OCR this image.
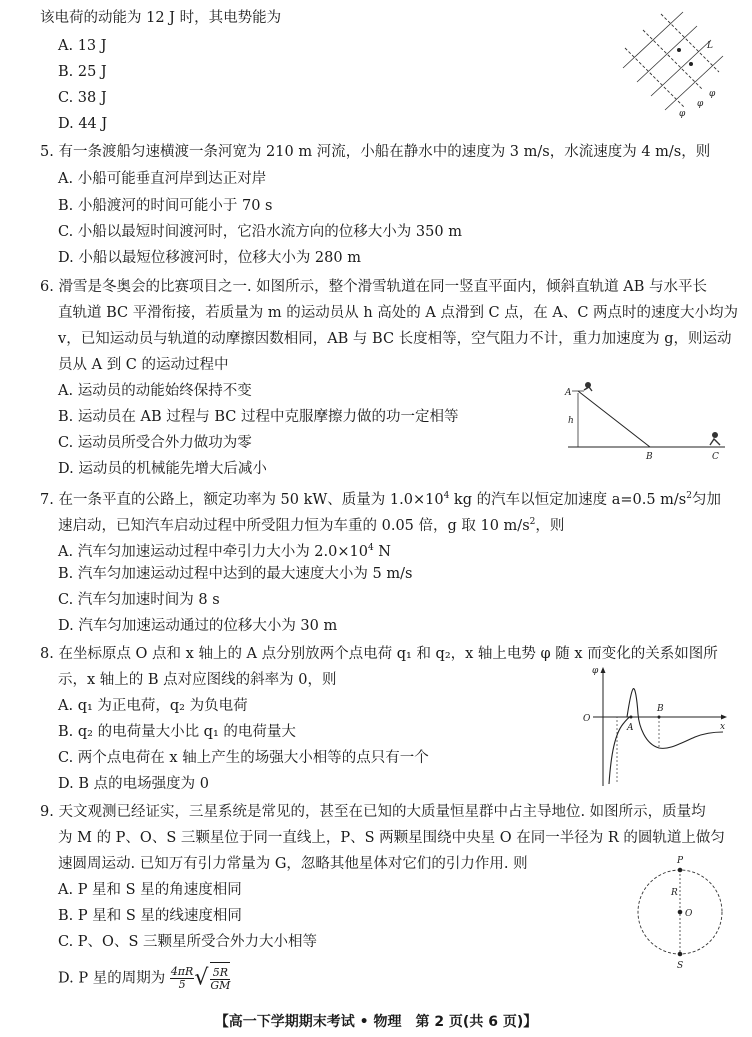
该电荷的动能为 12 J 时，其电势能为
A. 13 J
B. 25 J
C. 38 J
D. 44 J
L
φ
φ
φ
5. 有一条渡船匀速横渡一条河宽为 210 m 河流，小船在静水中的速度为 3 m/s，水流速度为 4 m/s，则
A. 小船可能垂直河岸到达正对岸
B. 小船渡河的时间可能小于 70 s
C. 小船以最短时间渡河时，它沿水流方向的位移大小为 350 m
D. 小船以最短位移渡河时，位移大小为 280 m
6. 滑雪是冬奥会的比赛项目之一. 如图所示，整个滑雪轨道在同一竖直平面内，倾斜直轨道 AB 与水平长
直轨道 BC 平滑衔接，若质量为 m 的运动员从 h 高处的 A 点滑到 C 点，在 A、C 两点时的速度大小均为
v，已知运动员与轨道的动摩擦因数相同，AB 与 BC 长度相等，空气阻力不计，重力加速度为 g，则运动
员从 A 到 C 的运动过程中
A. 运动员的动能始终保持不变
B. 运动员在 AB 过程与 BC 过程中克服摩擦力做的功一定相等
C. 运动员所受合外力做功为零
D. 运动员的机械能先增大后减小
A
h
B	C
7. 在一条平直的公路上，额定功率为 50 kW、质量为 $1.0\times 10^4$ kg 的汽车以恒定加速度 a=0.5 $m/s^2$匀加
速启动，已知汽车启动过程中所受阻力恒为车重的 0.05 倍，g 取 10 $m/s^2$，则
A. 汽车匀加速运动过程中牵引力大小为 $2.0\times 10^4$ N
B. 汽车匀加速运动过程中达到的最大速度大小为 5 m/s
C. 汽车匀加速时间为 8 s
D. 汽车匀加速运动通过的位移大小为 30 m
8. 在坐标原点 O 点和 x 轴上的 A 点分别放两个点电荷 q₁ 和 q₂，x 轴上电势 φ 随 x 而变化的关系如图所
示，x 轴上的 B 点对应图线的斜率为 0，则
A. q₁ 为正电荷，q₂ 为负电荷
B. q₂ 的电荷量大小比 q₁ 的电荷量大
C. 两个点电荷在 x 轴上产生的场强大小相等的点只有一个
D. B 点的电场强度为 0
φ
O
A
B
x
9. 天文观测已经证实，三星系统是常见的，甚至在已知的大质量恒星群中占主导地位. 如图所示，质量均
为 M 的 P、O、S 三颗星位于同一直线上，P、S 两颗星围绕中央星 O 在同一半径为 R 的圆轨道上做匀
速圆周运动. 已知万有引力常量为 G，忽略其他星体对它们的引力作用. 则
A. P 星和 S 星的角速度相同
B. P 星和 S 星的线速度相同
C. P、O、S 三颗星所受合外力大小相等
D. P 星的周期为 $\frac{4\pi R}{5}√ \frac{5R}{GM}$
P
R
O
S
【高一下学期期末考试 • 物理　第 2 页(共 6 页)】
